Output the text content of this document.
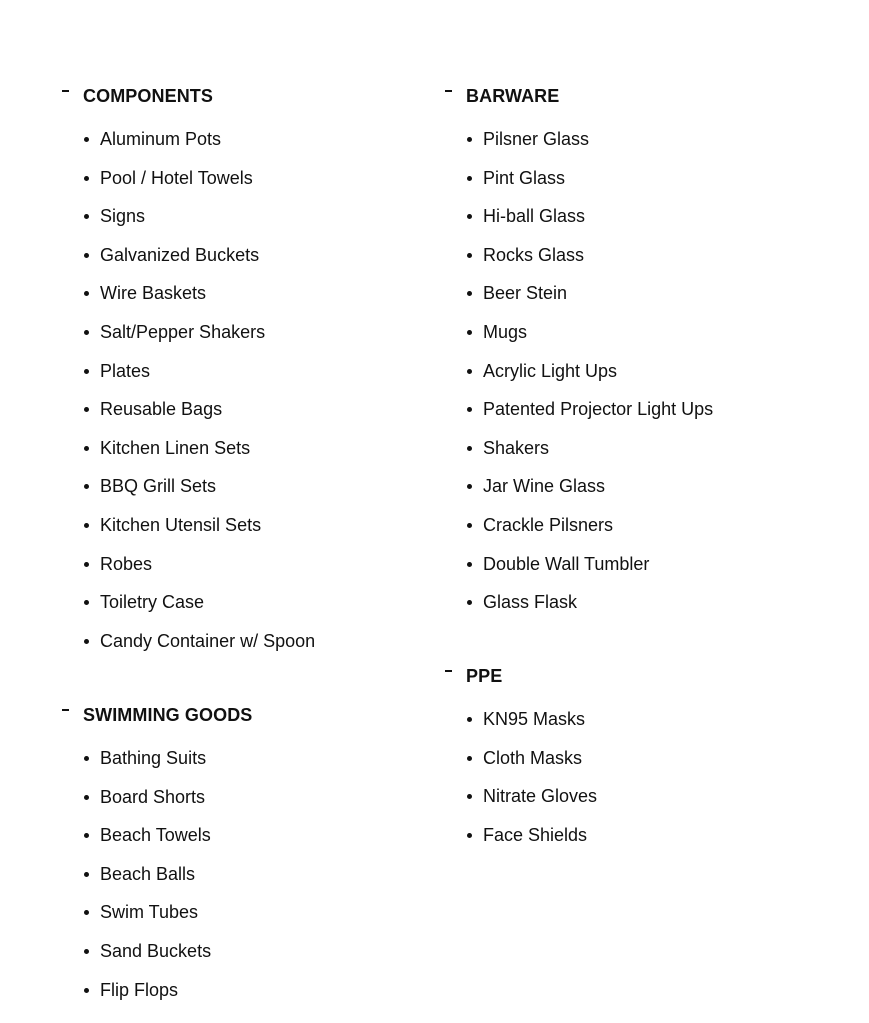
COMPONENTS
Aluminum Pots
Pool / Hotel Towels
Signs
Galvanized Buckets
Wire Baskets
Salt/Pepper Shakers
Plates
Reusable Bags
Kitchen Linen Sets
BBQ Grill Sets
Kitchen Utensil Sets
Robes
Toiletry Case
Candy Container w/ Spoon
SWIMMING GOODS
Bathing Suits
Board Shorts
Beach Towels
Beach Balls
Swim Tubes
Sand Buckets
Flip Flops
BARWARE
Pilsner Glass
Pint Glass
Hi-ball Glass
Rocks Glass
Beer Stein
Mugs
Acrylic Light Ups
Patented Projector Light Ups
Shakers
Jar Wine Glass
Crackle Pilsners
Double Wall Tumbler
Glass Flask
PPE
KN95 Masks
Cloth Masks
Nitrate Gloves
Face Shields
